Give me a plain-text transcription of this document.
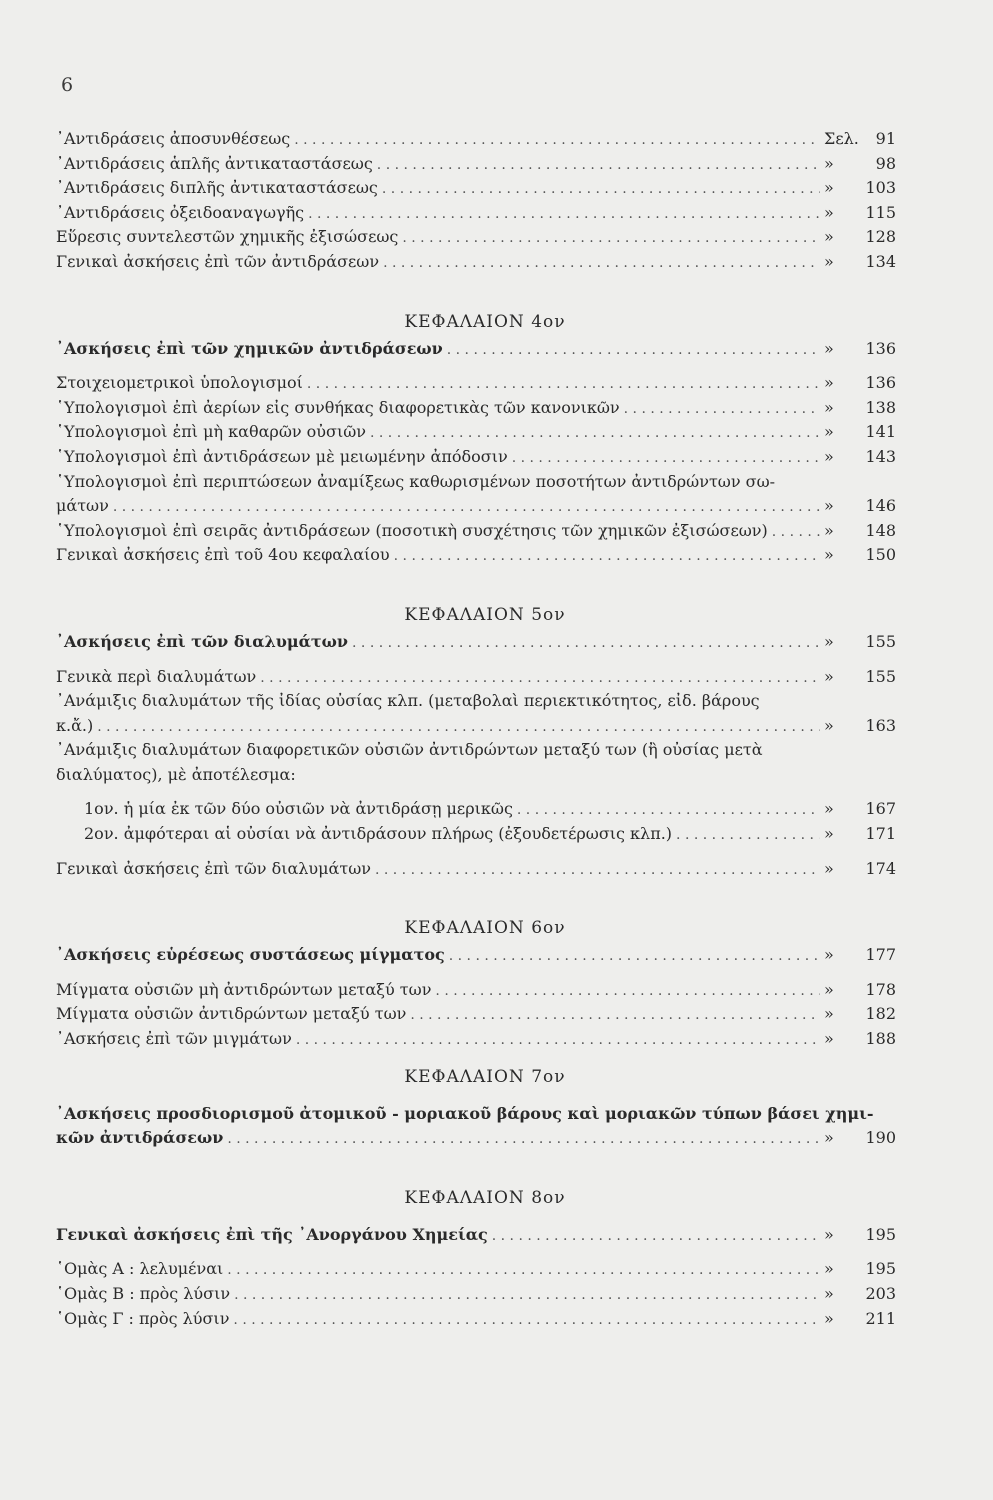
6
᾿Αντιδράσεις ἀποσυνθέσεως . . .	Σελ.	91
᾿Αντιδράσεις ἁπλῆς ἀντικαταστάσεως . . .	»	98
᾿Αντιδράσεις διπλῆς ἀντικαταστάσεως . . .	»	103
᾿Αντιδράσεις ὀξειδοαναγωγῆς . . .	»	115
Εὕρεσις συντελεστῶν χημικῆς ἐξισώσεως . . .	»	128
Γενικαὶ ἀσκήσεις ἐπὶ τῶν ἀντιδράσεων . . .	»	134
ΚΕΦΑΛΑΙΟΝ 4ον
᾿Ασκήσεις ἐπὶ τῶν χημικῶν ἀντιδράσεων . . .	»	136
Στοιχειομετρικοὶ ὑπολογισμοί . . .	»	136
῾Υπολογισμοὶ ἐπὶ ἀερίων εἰς συνθήκας διαφορετικὰς τῶν κανονικῶν . . .	»	138
῾Υπολογισμοὶ ἐπὶ μὴ καθαρῶν οὐσιῶν . . .	»	141
῾Υπολογισμοὶ ἐπὶ ἀντιδράσεων μὲ μειωμένην ἀπόδοσιν . . .	»	143
῾Υπολογισμοὶ ἐπὶ περιπτώσεων ἀναμίξεως καθωρισμένων ποσοτήτων ἀντιδρώντων σω-
μάτων . . .	»	146
῾Υπολογισμοὶ ἐπὶ σειρᾶς ἀντιδράσεων (ποσοτικὴ συσχέτησις τῶν χημικῶν ἐξισώσεων) . . .	»	148
Γενικαὶ ἀσκήσεις ἐπὶ τοῦ 4ου κεφαλαίου . . .	»	150
ΚΕΦΑΛΑΙΟΝ 5ον
᾿Ασκήσεις ἐπὶ τῶν διαλυμάτων . . .	»	155
Γενικὰ περὶ διαλυμάτων . . .	»	155
᾿Ανάμιξις διαλυμάτων τῆς ἰδίας οὐσίας κλπ. (μεταβολαὶ περιεκτικότητος, εἰδ. βάρους
κ.ἄ.) . . .	»	163
᾿Ανάμιξις διαλυμάτων διαφορετικῶν οὐσιῶν ἀντιδρώντων μεταξύ των (ἢ οὐσίας μετὰ
διαλύματος), μὲ ἀποτέλεσμα:
1ον. ἡ μία ἐκ τῶν δύο οὐσιῶν νὰ ἀντιδράσῃ μερικῶς . . .	»	167
2ον. ἀμφότεραι αἱ οὐσίαι νὰ ἀντιδράσουν πλήρως (ἐξουδετέρωσις κλπ.) . . .	»	171
Γενικαὶ ἀσκήσεις ἐπὶ τῶν διαλυμάτων . . .	»	174
ΚΕΦΑΛΑΙΟΝ 6ον
᾿Ασκήσεις εὑρέσεως συστάσεως μίγματος . . .	»	177
Μίγματα οὐσιῶν μὴ ἀντιδρώντων μεταξύ των . . .	»	178
Μίγματα οὐσιῶν ἀντιδρώντων μεταξύ των . . .	»	182
᾿Ασκήσεις ἐπὶ τῶν μιγμάτων . . .	»	188
ΚΕΦΑΛΑΙΟΝ 7ον
᾿Ασκήσεις προσδιορισμοῦ ἀτομικοῦ - μοριακοῦ βάρους καὶ μοριακῶν τύπων βάσει χημι-
κῶν ἀντιδράσεων . . .	»	190
ΚΕΦΑΛΑΙΟΝ 8ον
Γενικαὶ ἀσκήσεις ἐπὶ τῆς ᾿Ανοργάνου Χημείας . . .	»	195
῾Ομὰς Α : λελυμέναι . . .	»	195
῾Ομὰς Β : πρὸς λύσιν . . .	»	203
῾Ομὰς Γ : πρὸς λύσιν . . .	»	211
